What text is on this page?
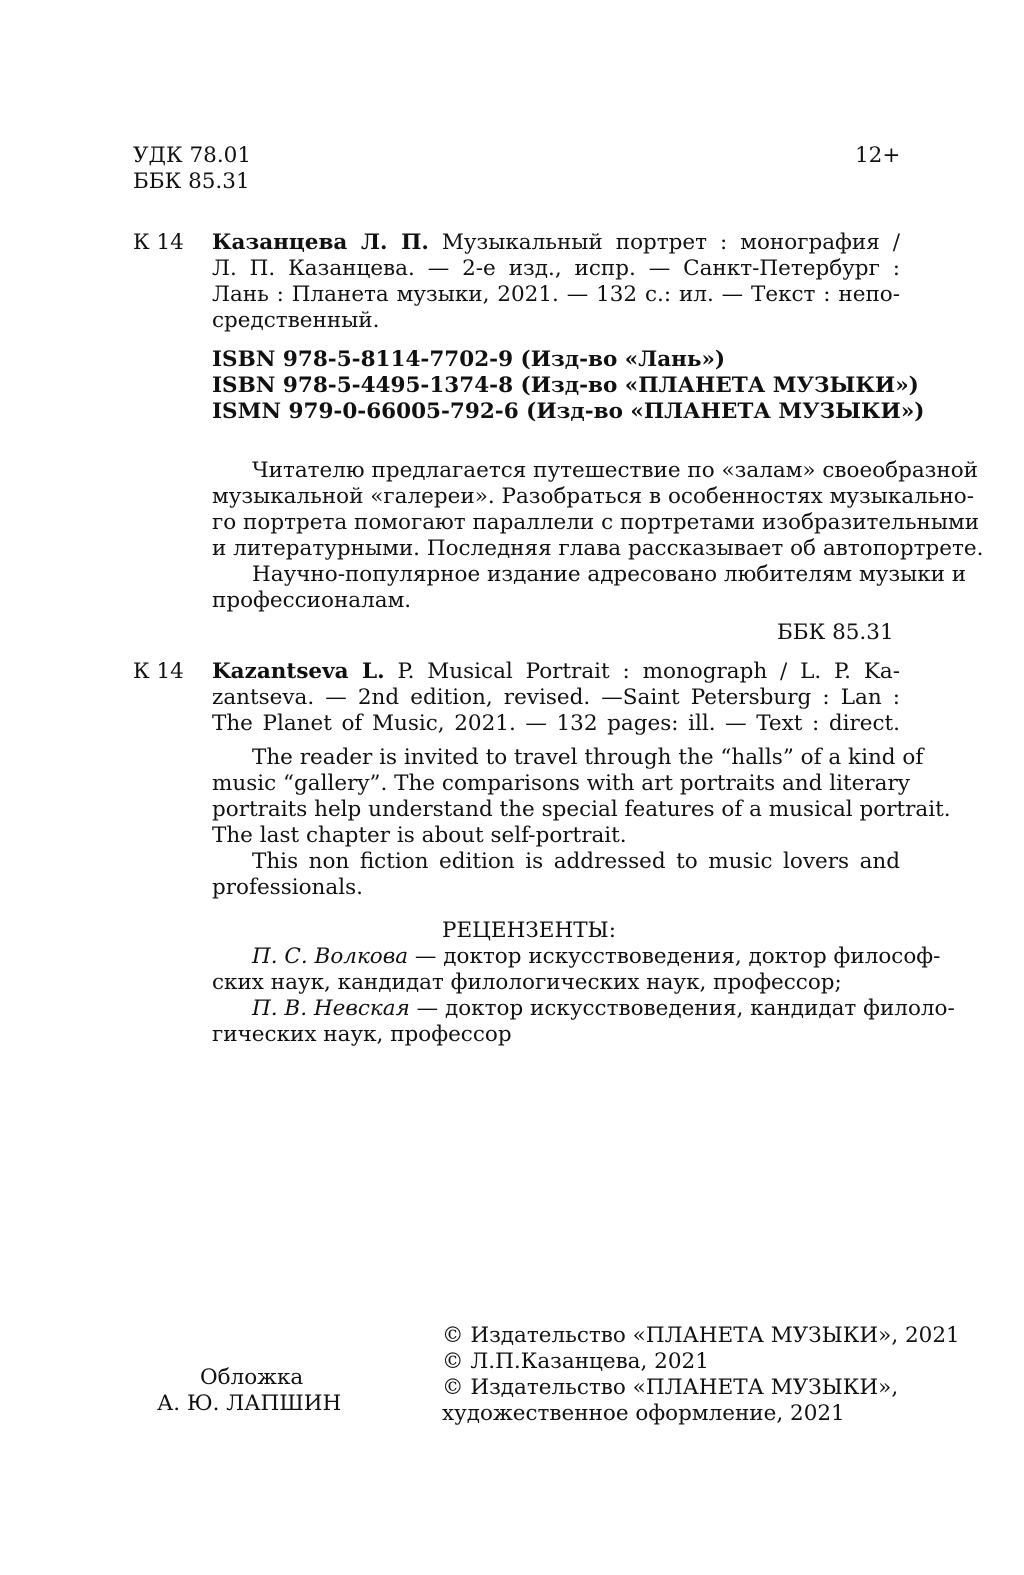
УДК 78.01
ББК 85.31
12+
К 14 Казанцева Л. П. Музыкальный портрет : монография /
Л. П. Казанцева. — 2-е изд., испр. — Санкт-Петербург :
Лань : Планета музыки, 2021. — 132 с.: ил. — Текст : непо-
средственный.
ISBN 978-5-8114-7702-9 (Изд-во «Лань»)
ISBN 978-5-4495-1374-8 (Изд-во «ПЛАНЕТА МУЗЫКИ»)
ISMN 979-0-66005-792-6 (Изд-во «ПЛАНЕТА МУЗЫКИ»)
Читателю предлагается путешествие по «залам» своеобразной
музыкальной «галереи». Разобраться в особенностях музыкально-
го портрета помогают параллели с портретами изобразительными
и литературными. Последняя глава рассказывает об автопортрете.
Научно-популярное издание адресовано любителям музыки и
профессионалам.
ББК 85.31
К 14 Kazantseva L. P. Musical Portrait : monograph / L. P. Ka-
zantseva. — 2nd edition, revised. —Saint Petersburg : Lan :
The Planet of Music, 2021. — 132 pages: ill. — Text : direct.
The reader is invited to travel through the “halls” of a kind of
music “gallery”. The comparisons with art portraits and literary
portraits help understand the special features of a musical portrait.
The last chapter is about self-portrait.
This non fiction edition is addressed to music lovers and
professionals.
РЕЦЕНЗЕНТЫ:
П. С. Волкова — доктор искусствоведения, доктор философ-
ских наук, кандидат филологических наук, профессор;
П. В. Невская — доктор искусствоведения, кандидат филоло-
гических наук, профессор
Обложка
А. Ю. ЛАПШИН
© Издательство «ПЛАНЕТА МУЗЫКИ», 2021
© Л.П.Казанцева, 2021
© Издательство «ПЛАНЕТА МУЗЫКИ»,
художественное оформление, 2021
